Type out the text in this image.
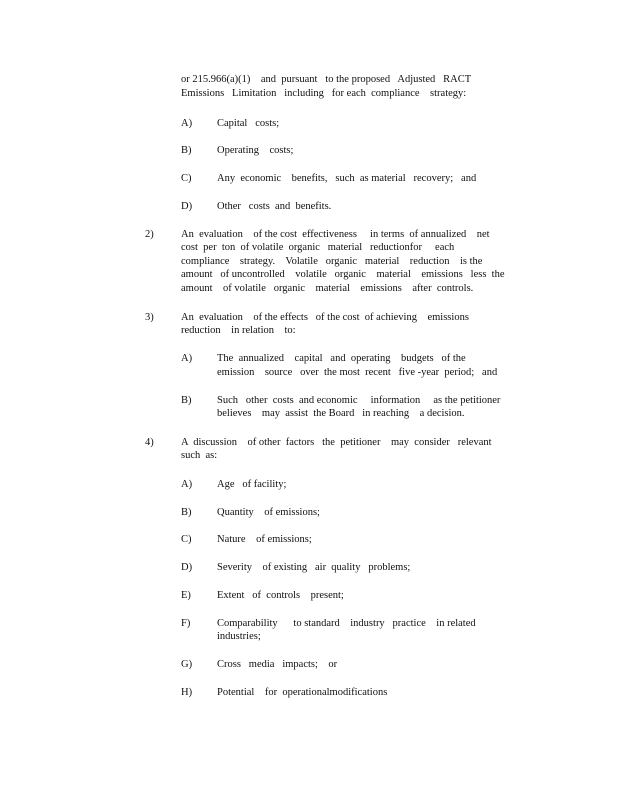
or 215.966(a)(1)    and  pursuant   to the proposed   Adjusted   RACT
Emissions   Limitation   including   for each  compliance    strategy:
A) Capital   costs;
B) Operating    costs;
C) Any  economic    benefits,   such  as material   recovery;   and
D) Other   costs  and  benefits.
2)	An  evaluation    of the cost  effectiveness     in terms  of annualized    net
cost  per  ton  of volatile  organic   material   reductionfor     each
compliance    strategy.    Volatile   organic   material    reduction    is the
amount   of uncontrolled    volatile   organic    material    emissions   less  the
amount    of volatile   organic    material    emissions    after  controls.
3)	An  evaluation    of the effects   of the cost  of achieving    emissions
reduction    in relation    to:
A) The  annualized    capital   and  operating    budgets   of the
emission    source   over  the most  recent   five -year  period;   and
B) Such   other  costs  and economic     information     as the petitioner
believes    may  assist  the Board   in reaching    a decision.
4)	A  discussion    of other  factors   the  petitioner    may  consider   relevant
such  as:
A) Age   of facility;
B) Quantity    of emissions;
C) Nature    of emissions;
D) Severity    of existing   air  quality   problems;
E) Extent   of  controls    present;
F)	Comparability      to standard    industry   practice    in related
industries;
G) Cross   media   impacts;    or
H) Potential    for  operationalmodifications
